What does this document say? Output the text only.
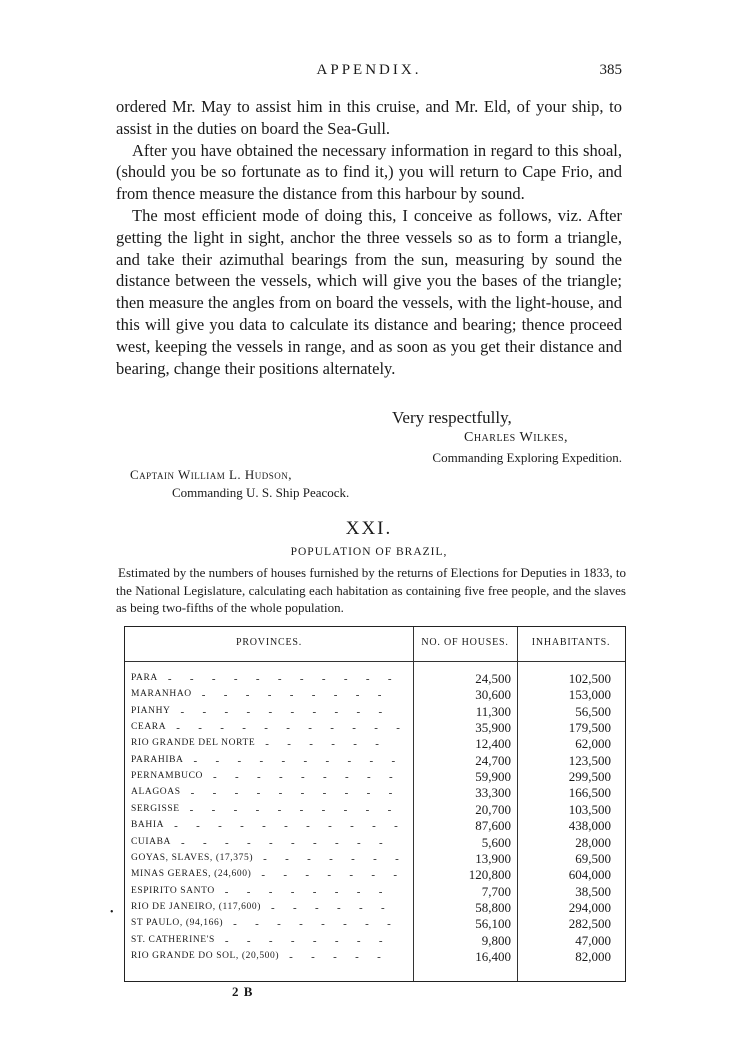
APPENDIX.	385

ordered Mr. May to assist him in this cruise, and Mr. Eld, of your ship, to assist in the duties on board the Sea-Gull.

After you have obtained the necessary information in regard to this shoal, (should you be so fortunate as to find it,) you will return to Cape Frio, and from thence measure the distance from this harbour by sound.

The most efficient mode of doing this, I conceive as follows, viz. After getting the light in sight, anchor the three vessels so as to form a triangle, and take their azimuthal bearings from the sun, measuring by sound the distance between the vessels, which will give you the bases of the triangle; then measure the angles from on board the vessels, with the light-house, and this will give you data to calculate its distance and bearing; thence proceed west, keeping the vessels in range, and as soon as you get their distance and bearing, change their positions alternately.

Very respectfully,
Charles Wilkes,
Commanding Exploring Expedition.
Captain William L. Hudson,
Commanding U. S. Ship Peacock.
XXI.
POPULATION OF BRAZIL,
Estimated by the numbers of houses furnished by the returns of Elections for Deputies in 1833, to the National Legislature, calculating each habitation as containing five free people, and the slaves as being two-fifths of the whole population.
PROVINCES.	NO. OF HOUSES.	INHABITANTS.
PARA	24,500	102,500
- - - - - - - - - - -
MARANHAO	30,600	153,000
- - - - - - - - -
PIANHY	11,300	56,500
- - - - - - - - - -
CEARA	35,900	179,500
- - - - - - - - - - -
RIO GRANDE DEL NORTE	12,400	62,000
- - - - - -
PARAHIBA	24,700	123,500
- - - - - - - - - -
PERNAMBUCO	59,900	299,500
- - - - - - - - -
ALAGOAS	33,300	166,500
- - - - - - - - - -
SERGISSE	20,700	103,500
- - - - - - - - - -
BAHIA	87,600	438,000
- - - - - - - - - - -
CUIABA	5,600	28,000
- - - - - - - - - -
GOYAS, SLAVES, (17,375)	13,900	69,500
- - - - - - -
MINAS GERAES, (24,600)	120,800	604,000
- - - - - - -
ESPIRITO SANTO	7,700	38,500
- - - - - - - -
RIO DE JANEIRO, (117,600)	58,800	294,000
- - - - - -
ST PAULO, (94,166)	56,100	282,500
- - - - - - - -
ST. CATHERINE'S	9,800	47,000
- - - - - - - -
RIO GRANDE DO SOL, (20,500)	16,400	82,000
- - - - -
•
2 B
